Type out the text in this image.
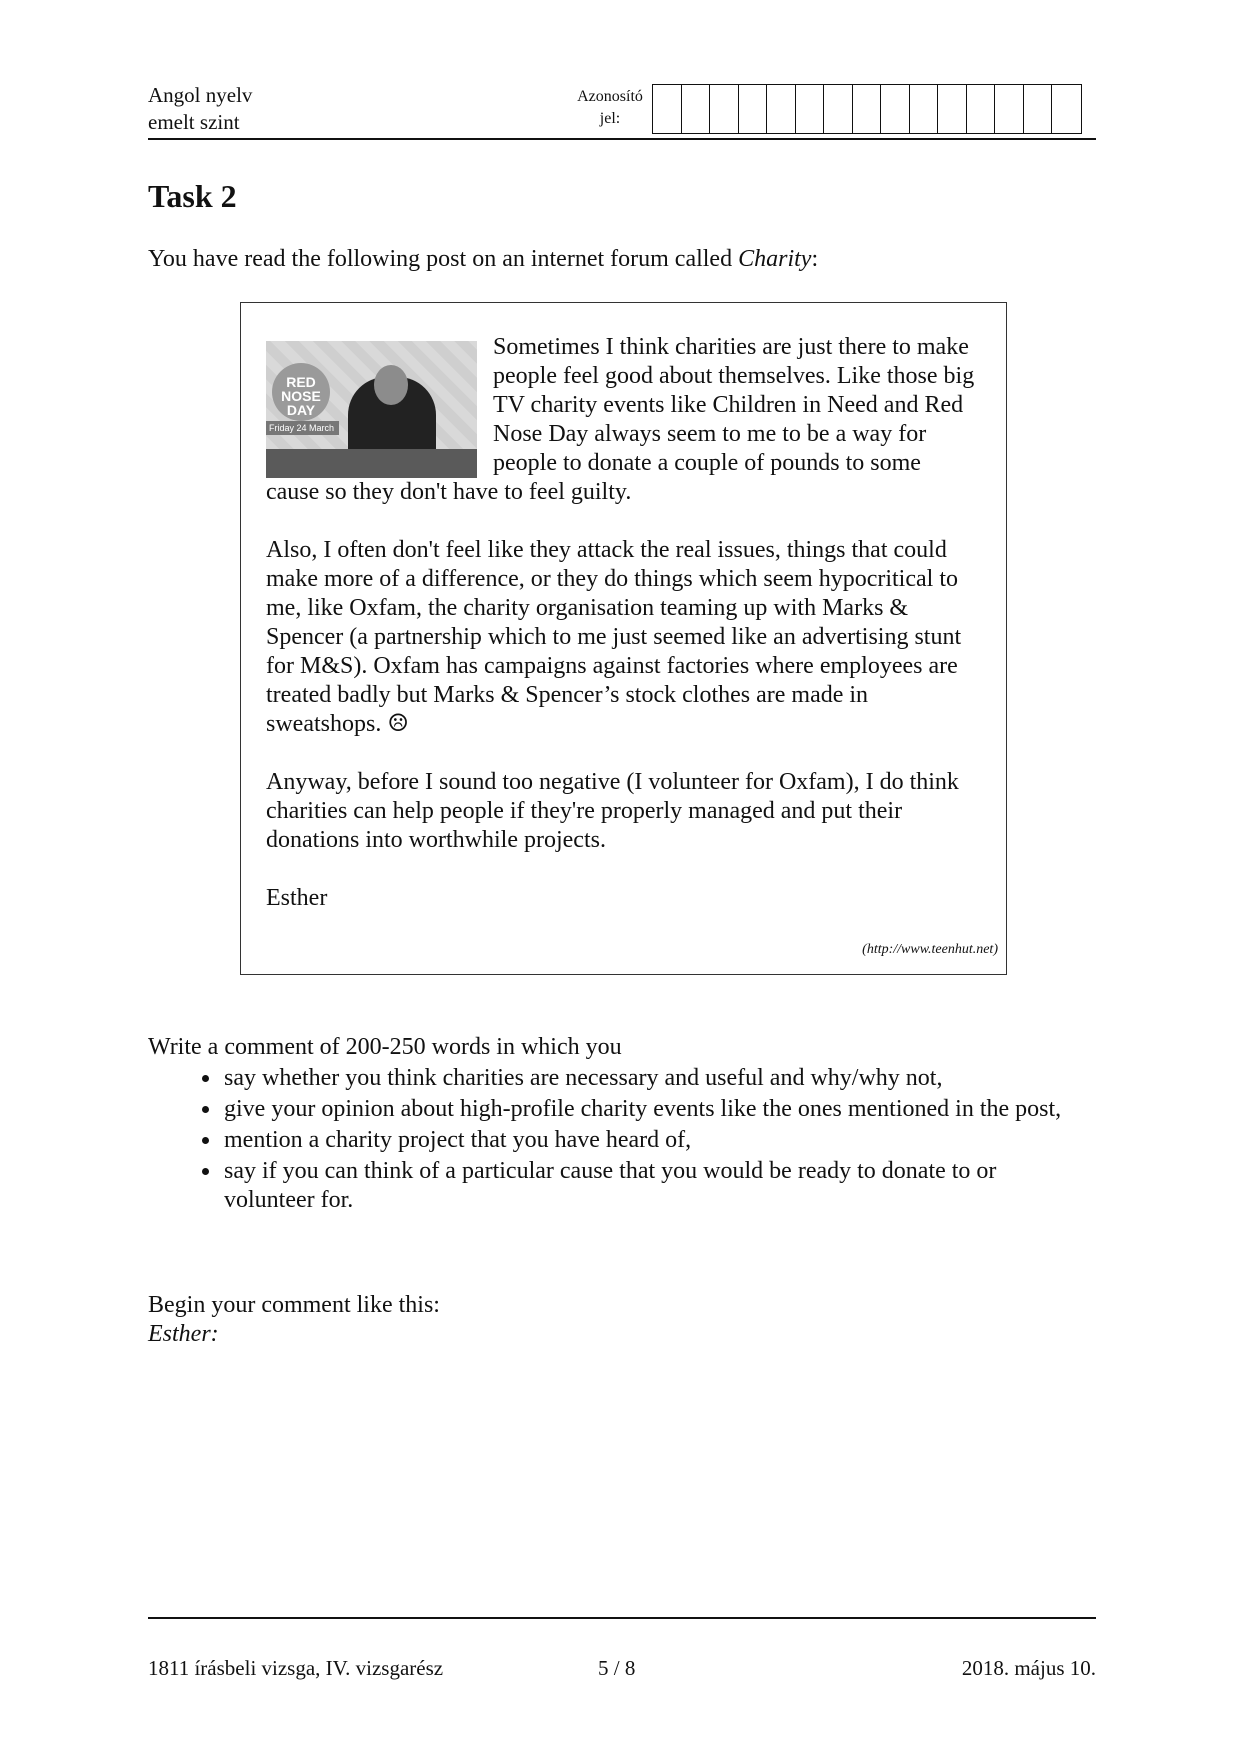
Angol nyelv
emelt szint
Azonosító
jel:
Task 2
You have read the following post on an internet forum called Charity:
RED NOSE DAY
Friday 24 March

Sometimes I think charities are just there to make people feel good about themselves. Like those big TV charity events like Children in Need and Red Nose Day always seem to me to be a way for people to donate a couple of pounds to some cause so they don't have to feel guilty.

Also, I often don't feel like they attack the real issues, things that could make more of a difference, or they do things which seem hypocritical to me, like Oxfam, the charity organisation teaming up with Marks & Spencer (a partnership which to me just seemed like an advertising stunt for M&S). Oxfam has campaigns against factories where employees are treated badly but Marks & Spencer’s stock clothes are made in sweatshops. ☹

Anyway, before I sound too negative (I volunteer for Oxfam), I do think charities can help people if they're properly managed and put their donations into worthwhile projects.

Esther

(http://www.teenhut.net)
Write a comment of 200-250 words in which you
• say whether you think charities are necessary and useful and why/why not,
• give your opinion about high-profile charity events like the ones mentioned in the post,
• mention a charity project that you have heard of,
• say if you can think of a particular cause that you would be ready to donate to or volunteer for.
Begin your comment like this:
Esther:
1811 írásbeli vizsga, IV. vizsgarész	5 / 8	2018. május 10.
